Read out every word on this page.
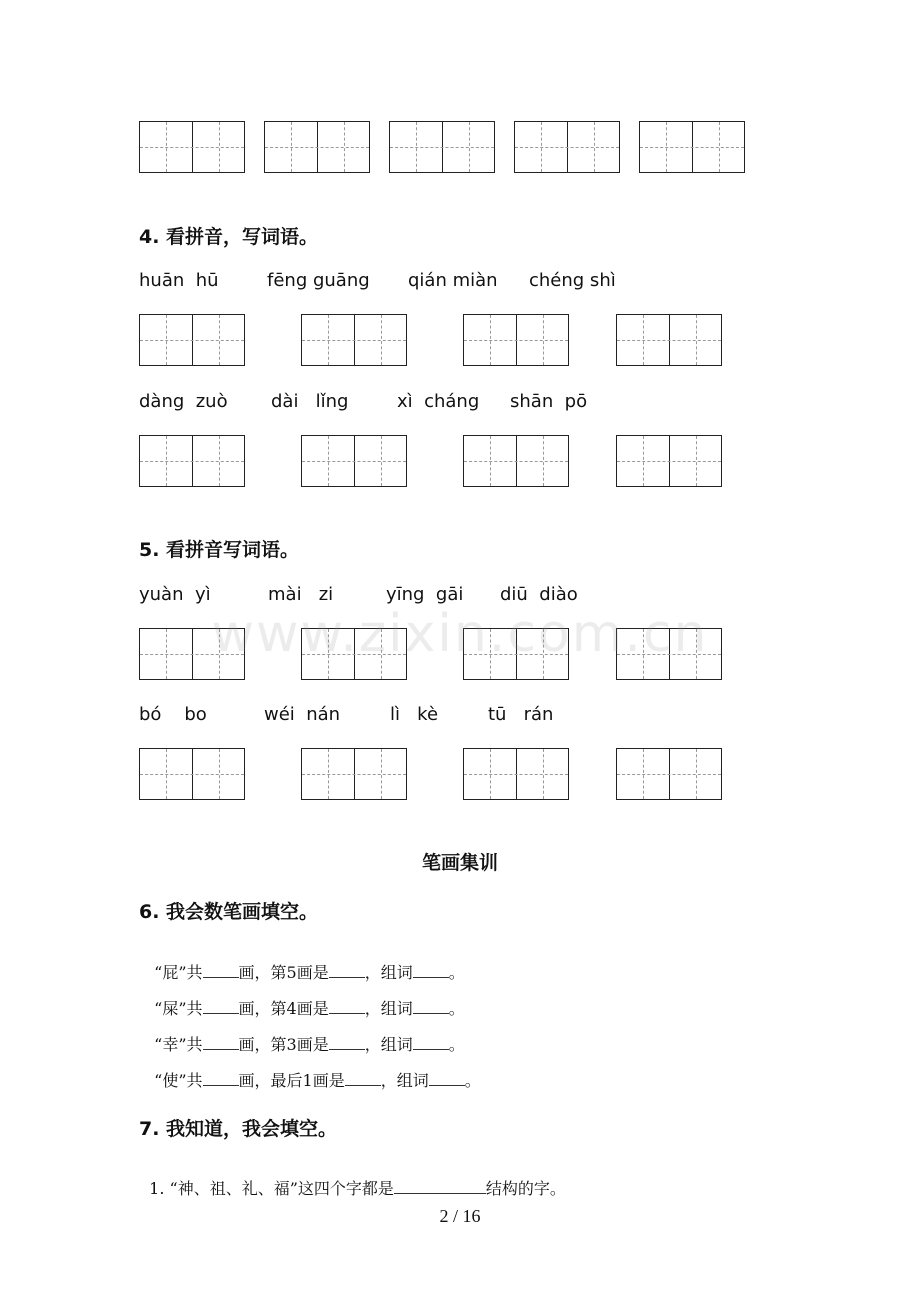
4. 看拼音，写词语。
huān  hū	fēng guāng qián miàn chéng shì
dàng  zuò dài   lǐng	xì  cháng shān  pō
5. 看拼音写词语。
yuàn  yì	mài   zi	yīng  gāi diū  diào
bó    bo	wéi  nán	lì   kè	tū   rán
www.zixin.com.cn
笔画集训
6. 我会数笔画填空。

“屁”共 画，第5画是 ，组词 。

“屎”共 画，第4画是 ，组词 。

“幸”共 画，第3画是 ，组词 。

“使”共 画，最后1画是 ，组词 。

7. 我知道，我会填空。

1. “神、祖、礼、福”这四个字都是	结构的字。

2 / 16
